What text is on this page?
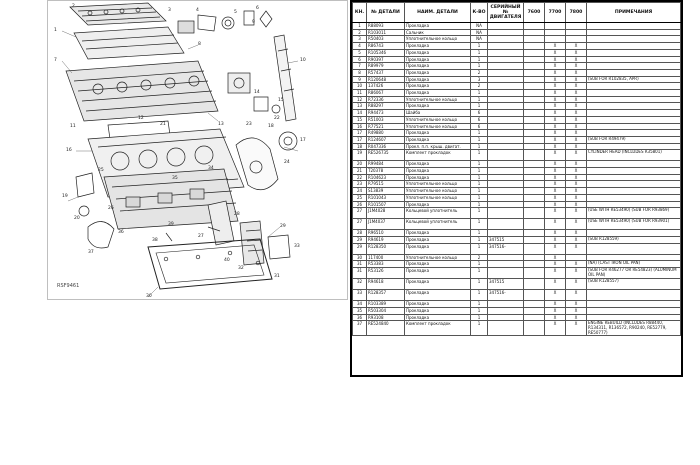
1
2
3	4	5
6
7
8
9
10
11
12
13
14
15
16
17
18
19
20
21
22
23
24
25
26
27
28
29
30
31
32
33
34
35
36
37
38
39
40
RSF9461
КН.	№ ДЕТАЛИ	НАИМ. ДЕТАЛИ	К-ВО	СЕРИЙНЫЙ № ДВИГАТЕЛЯ	7600	7700	7800	ПРИМЕЧАНИЯ
1	R88093	Прокладка	NA					
2	R103011	Сальник	NA					
3	R50403	Уплотнительное кольцо	NA					
4	R86743	Прокладка	1			X	X	
5	R105346	Прокладка	1			X	X	
6	R90397	Прокладка	1			X	X	
7	R89979	Прокладка	1			X	X	
8	R57437	Прокладка	2			X	X	
9	R120648	Прокладка	3			X	X	(SUB FOR R102835, APR)
10	137426	Прокладка	2			X	X	
11	R86067	Прокладка	1			X	X	
12	R72336	Уплотнительное кольцо	1			X	X	
13	R88297	Прокладка	1			X	X	
14	R94473	Шайба	6			X	X	
15	R51003	Уплотнительное кольцо	6			X	X	
16	R77521	Уплотнительное кольцо	6			X	X	
17	R49880	Прокладка	1			X	X	
17	R124607	Прокладка	1			X	X	(SUB FOR R49479)
18	R047336	Прокл. п.п. крыш. двигат.	1			X	X	
19	RE526735	Комплект прокладок	1			X	X	CYLINDER HEAD (INCLUDES R35801)
20	R99484	Прокладка	1			X	X	
21	T20378	Прокладка	1			X	X	
22	R104623	Прокладка	1			X	X	
23	R79515	Уплотнительное кольцо	1			X	X	
24	S13839	Уплотнительное кольцо	1			X	X	
25	R101043	Уплотнительное кольцо	1			X	X	
26	R101507	Прокладка	1			X	X	
27	J1M4028	Кольцевой уплотнитель	1			X	X	(USE WITH RE53490) (SUB FOR R93869)
27	J1M4037	Кольцевой уплотнитель	1			X	X	(USE WITH RE53490) (SUB FOR R93901)
28	R96510	Прокладка	1			X	X	
29	R94619	Прокладка	1	347515		X	X	(SUB R128559)
29	R128350	Прокладка	1	347516-		X	X	
30	117400	Уплотнительное кольцо	2			X		
31	R53383	Прокладка	1			X	X	(NA) (CAST IRON OIL PAN)
31	R53126	Прокладка	1			X	X	(SUB FOR R46277 OR RE54823) (ALUMINUM OIL PAN)
32	R94618	Прокладка	1	347515		X	X	(SUB R128557)
33	R128357	Прокладка	1	347516-		X	X	
34	R103389	Прокладка	1			X	X	
35	R503304	Прокладка	1			X	X	
36	R93108	Прокладка	1			X	X	
37	RE524840	Комплект прокладок	1			X	X	ENGINE REBUILD (INCLUDES R88440, R134311, R136572, R90240, RE52779, RE50777)
